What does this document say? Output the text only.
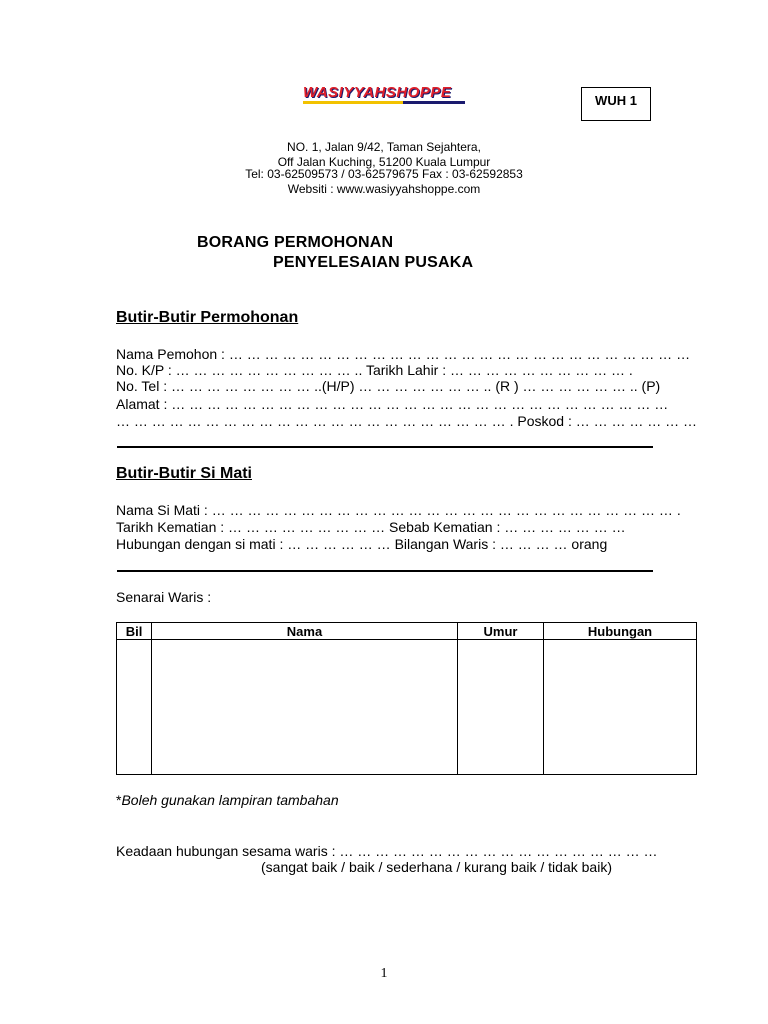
WASIYYAHSHOPPE	WUH 1
NO. 1, Jalan 9/42, Taman Sejahtera,
Off Jalan Kuching, 51200 Kuala Lumpur
Tel: 03-62509573 / 03-62579675 Fax : 03-62592853
Websiti : www.wasiyyahshoppe.com
BORANG PERMOHONAN
PENYELESAIAN PUSAKA
Butir-Butir Permohonan
Nama Pemohon : … … … … … … … … … … … … … … … … … … … … … … … … … …
No. K/P : … … … … … … … … … … .. Tarikh Lahir : … … … … … … … … … … .
No. Tel : … … … … … … … … ..(H/P) … … … … … … … .. (R ) … … … … … … .. (P)
Alamat : … … … … … … … … … … … … … … … … … … … … … … … … … … … …
… … … … … … … … … … … … … … … … … … … … … … . Poskod : … … … … … … …
Butir-Butir Si Mati
Nama Si Mati : … … … … … … … … … … … … … … … … … … … … … … … … … … .
Tarikh Kematian : … … … … … … … … … Sebab Kematian : … … … … … … …
Hubungan dengan si mati : … … … … … … Bilangan Waris : … … … … orang
Senarai Waris :
Bil	Nama	Umur	Hubungan

*Boleh gunakan lampiran tambahan
Keadaan hubungan sesama waris : … … … … … … … … … … … … … … … … … …
(sangat baik / baik / sederhana / kurang baik / tidak baik)
1
